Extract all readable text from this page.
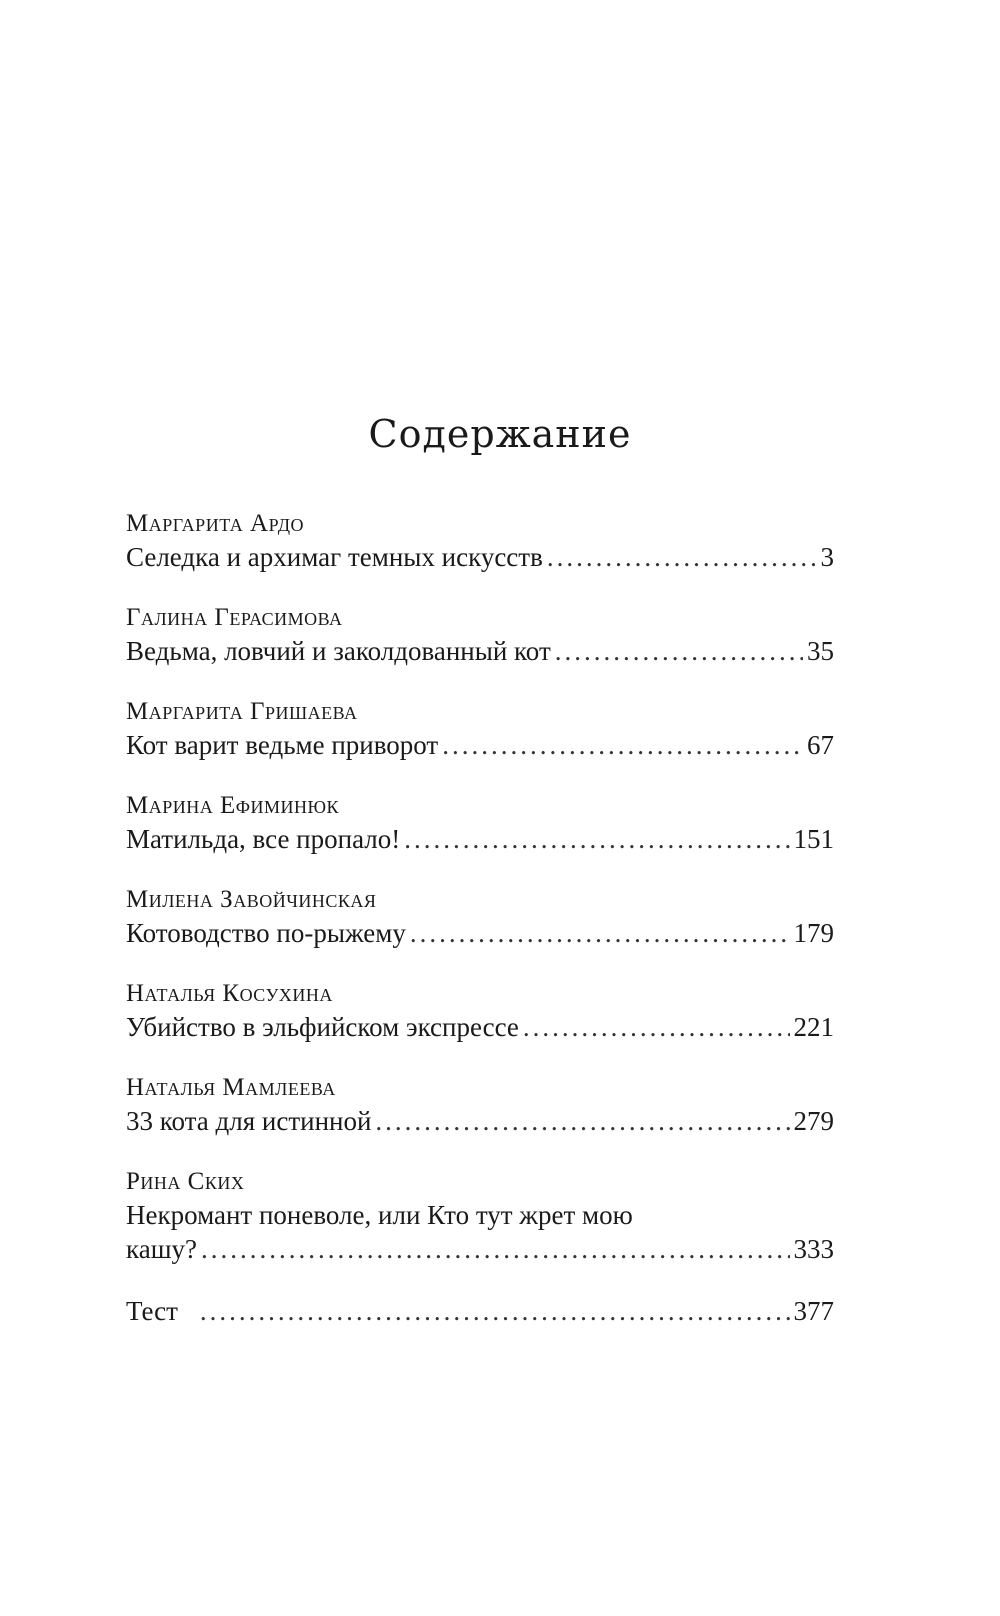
Содержание
Маргарита Ардо
Селедка и архимаг темных искусств .....	3
Галина Герасимова
Ведьма, ловчий и заколдованный кот .....	35
Маргарита Гришаева
Кот варит ведьме приворот .....	67
Марина Ефиминюк
Матильда, все пропало! .....	151
Милена Завойчинская
Котоводство по-рыжему .....	179
Наталья Косухина
Убийство в эльфийском экспрессе .....	221
Наталья Мамлеева
33 кота для истинной .....	279
Рина Ских
Некромант поневоле, или Кто тут жрет мою
кашу? .....	333
Тест .....	377
